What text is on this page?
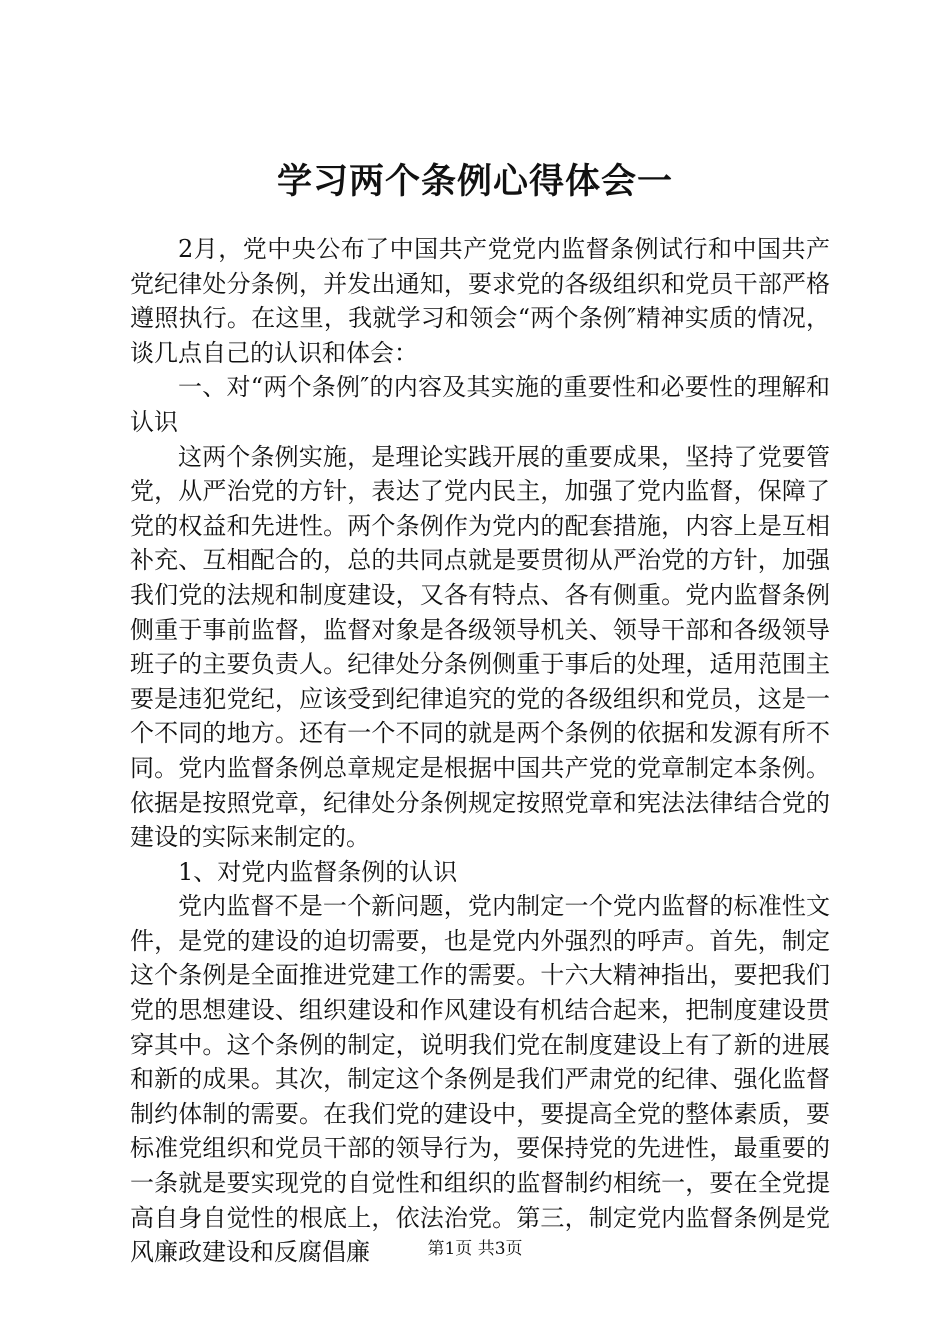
学习两个条例心得体会一

2月，党中央公布了中国共产党党内监督条例试行和中国共产党纪律处分条例，并发出通知，要求党的各级组织和党员干部严格遵照执行。在这里，我就学习和领会“两个条例″精神实质的情况，谈几点自己的认识和体会：

一、对“两个条例″的内容及其实施的重要性和必要性的理解和认识

这两个条例实施，是理论实践开展的重要成果，坚持了党要管党，从严治党的方针，表达了党内民主，加强了党内监督，保障了党的权益和先进性。两个条例作为党内的配套措施，内容上是互相补充、互相配合的，总的共同点就是要贯彻从严治党的方针，加强我们党的法规和制度建设，又各有特点、各有侧重。党内监督条例侧重于事前监督，监督对象是各级领导机关、领导干部和各级领导班子的主要负责人。纪律处分条例侧重于事后的处理，适用范围主要是违犯党纪，应该受到纪律追究的党的各级组织和党员，这是一个不同的地方。还有一个不同的就是两个条例的依据和发源有所不同。党内监督条例总章规定是根据中国共产党的党章制定本条例。依据是按照党章，纪律处分条例规定按照党章和宪法法律结合党的建设的实际来制定的。

1、对党内监督条例的认识

党内监督不是一个新问题，党内制定一个党内监督的标准性文件，是党的建设的迫切需要，也是党内外强烈的呼声。首先，制定这个条例是全面推进党建工作的需要。十六大精神指出，要把我们党的思想建设、组织建设和作风建设有机结合起来，把制度建设贯穿其中。这个条例的制定，说明我们党在制度建设上有了新的进展和新的成果。其次，制定这个条例是我们严肃党的纪律、强化监督制约体制的需要。在我们党的建设中，要提高全党的整体素质，要标准党组织和党员干部的领导行为，要保持党的先进性，最重要的一条就是要实现党的自觉性和组织的监督制约相统一，要在全党提高自身自觉性的根底上，依法治党。第三，制定党内监督条例是党风廉政建设和反腐倡廉	第1页 共3页
